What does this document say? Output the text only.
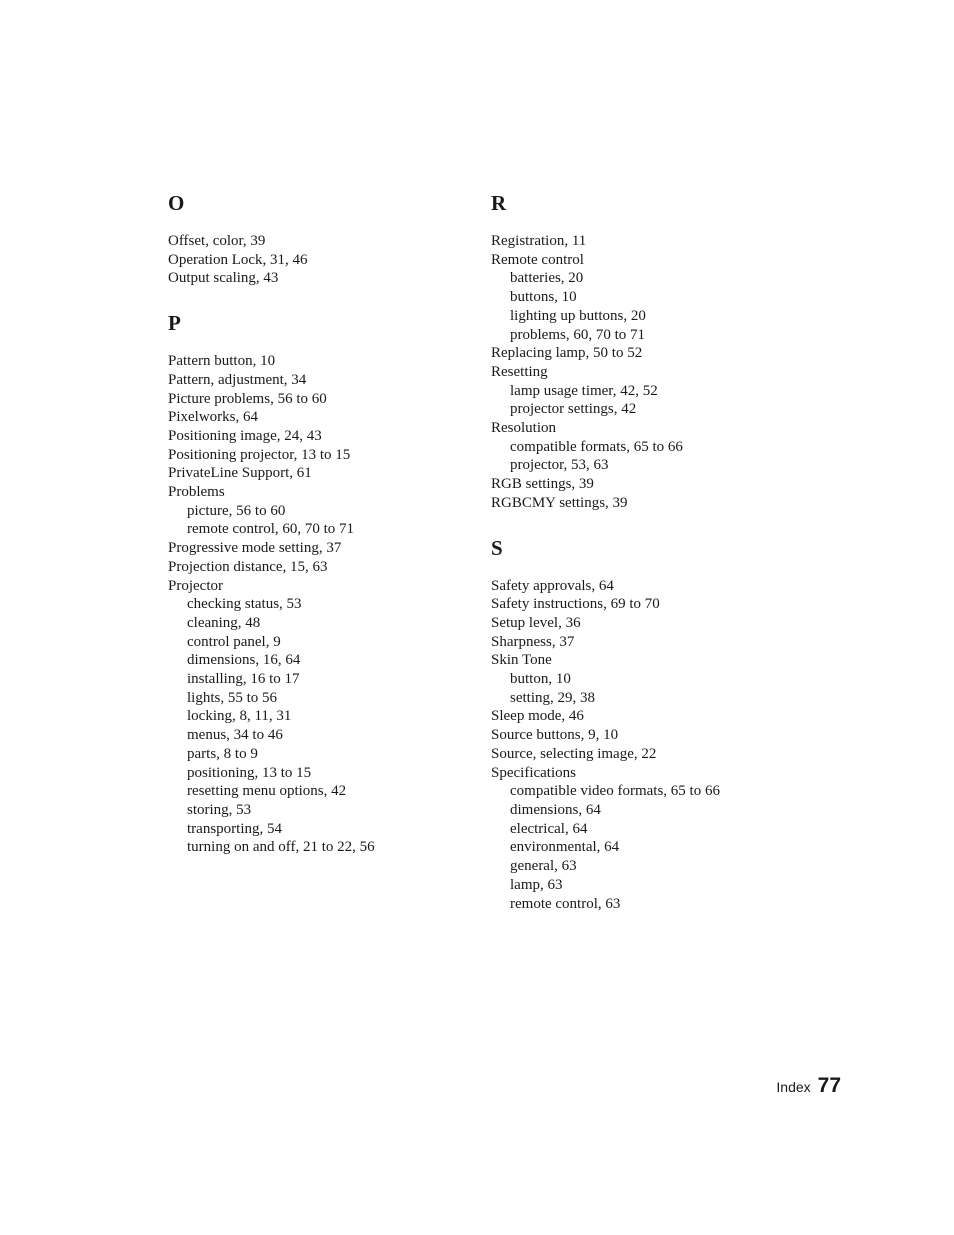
O
Offset, color, 39
Operation Lock, 31, 46
Output scaling, 43
P
Pattern button, 10
Pattern, adjustment, 34
Picture problems, 56 to 60
Pixelworks, 64
Positioning image, 24, 43
Positioning projector, 13 to 15
PrivateLine Support, 61
Problems
picture, 56 to 60
remote control, 60, 70 to 71
Progressive mode setting, 37
Projection distance, 15, 63
Projector
checking status, 53
cleaning, 48
control panel, 9
dimensions, 16, 64
installing, 16 to 17
lights, 55 to 56
locking, 8, 11, 31
menus, 34 to 46
parts, 8 to 9
positioning, 13 to 15
resetting menu options, 42
storing, 53
transporting, 54
turning on and off, 21 to 22, 56
R
Registration, 11
Remote control
batteries, 20
buttons, 10
lighting up buttons, 20
problems, 60, 70 to 71
Replacing lamp, 50 to 52
Resetting
lamp usage timer, 42, 52
projector settings, 42
Resolution
compatible formats, 65 to 66
projector, 53, 63
RGB settings, 39
RGBCMY settings, 39
S
Safety approvals, 64
Safety instructions, 69 to 70
Setup level, 36
Sharpness, 37
Skin Tone
button, 10
setting, 29, 38
Sleep mode, 46
Source buttons, 9, 10
Source, selecting image, 22
Specifications
compatible video formats, 65 to 66
dimensions, 64
electrical, 64
environmental, 64
general, 63
lamp, 63
remote control, 63
Index 77
